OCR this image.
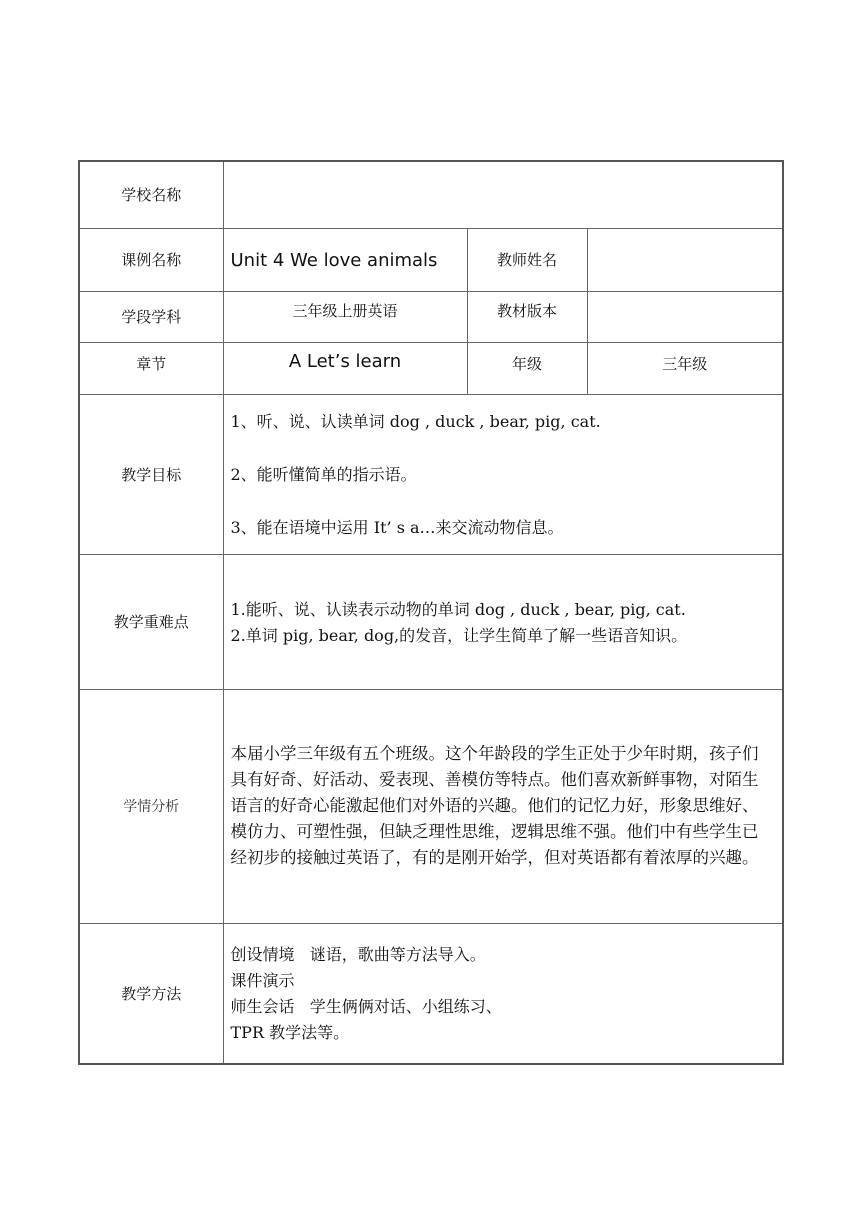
学校名称			
课例名称	Unit 4 We love animals	教师姓名	
学段学科	三年级上册英语	教材版本	
章节	A Let’s learn	年级	三年级
教学目标	1、听、说、认读单词 dog , duck , bear, pig, cat.
2、能听懂简单的指示语。
3、能在语境中运用 It’ s a…来交流动物信息。		

教学重难点	1.能听、说、认读表示动物的单词 dog , duck , bear, pig, cat.
2.单词 pig, bear, dog,的发音，让学生简单了解一些语音知识。		

学情分析	本届小学三年级有五个班级。这个年龄段的学生正处于少年时期，孩子们具有好奇、好活动、爱表现、善模仿等特点。他们喜欢新鲜事物，对陌生语言的好奇心能激起他们对外语的兴趣。他们的记忆力好，形象思维好、模仿力、可塑性强，但缺乏理性思维，逻辑思维不强。他们中有些学生已经初步的接触过英语了，有的是刚开始学，但对英语都有着浓厚的兴趣。		

教学方法	创设情境   谜语，歌曲等方法导入。
课件演示
师生会话   学生俩俩对话、小组练习、
TPR 教学法等。		
